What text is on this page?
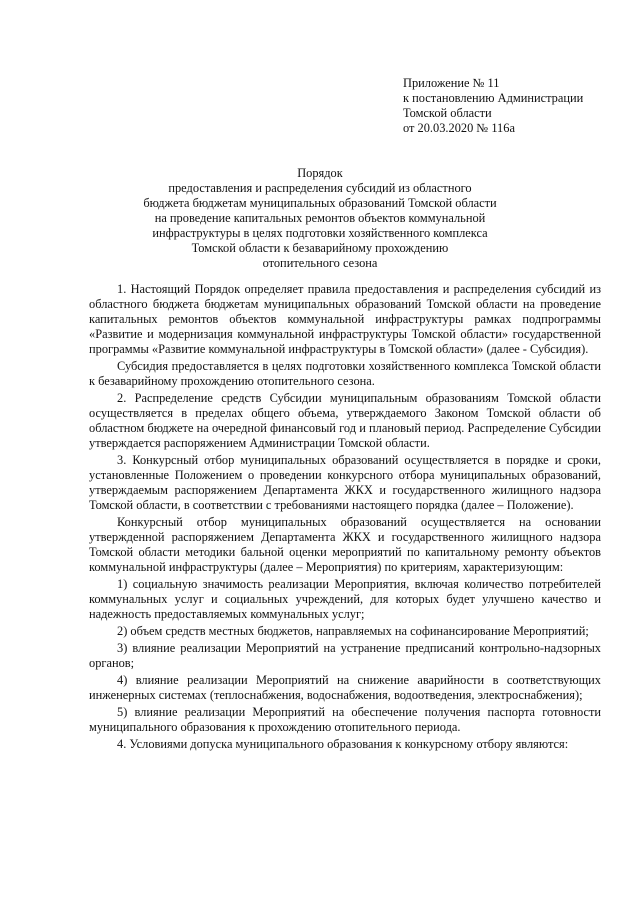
Приложение № 11
к постановлению Администрации
Томской области
от 20.03.2020 № 116а
Порядок
предоставления и распределения субсидий из областного
бюджета бюджетам муниципальных образований Томской области
на проведение капитальных ремонтов объектов коммунальной
инфраструктуры в целях подготовки хозяйственного комплекса
Томской области к безаварийному прохождению
отопительного сезона

1. Настоящий Порядок определяет правила предоставления и распределения субсидий из областного бюджета бюджетам муниципальных образований Томской области на проведение капитальных ремонтов объектов коммунальной инфраструктуры рамках подпрограммы «Развитие и модернизация коммунальной инфраструктуры Томской области» государственной программы «Развитие коммунальной инфраструктуры в Томской области» (далее - Субсидия).

Субсидия предоставляется в целях подготовки хозяйственного комплекса Томской области к безаварийному прохождению отопительного сезона.

2. Распределение средств Субсидии муниципальным образованиям Томской области осуществляется в пределах общего объема, утверждаемого Законом Томской области об областном бюджете на очередной финансовый год и плановый период. Распределение Субсидии утверждается распоряжением Администрации Томской области.

3. Конкурсный отбор муниципальных образований осуществляется в порядке и сроки, установленные Положением о проведении конкурсного отбора муниципальных образований, утверждаемым распоряжением Департамента ЖКХ и государственного жилищного надзора Томской области, в соответствии с требованиями настоящего порядка (далее – Положение).

Конкурсный отбор муниципальных образований осуществляется на основании утвержденной распоряжением Департамента ЖКХ и государственного жилищного надзора Томской области методики бальной оценки мероприятий по капитальному ремонту объектов коммунальной инфраструктуры (далее – Мероприятия) по критериям, характеризующим:

1) социальную значимость реализации Мероприятия, включая количество потребителей коммунальных услуг и социальных учреждений, для которых будет улучшено качество и надежность предоставляемых коммунальных услуг;

2) объем средств местных бюджетов, направляемых на софинансирование Мероприятий;

3) влияние реализации Мероприятий на устранение предписаний контрольно-надзорных органов;

4) влияние реализации Мероприятий на снижение аварийности в соответствующих инженерных системах (теплоснабжения, водоснабжения, водоотведения, электроснабжения);

5) влияние реализации Мероприятий на обеспечение получения паспорта готовности муниципального образования к прохождению отопительного периода.

4. Условиями допуска муниципального образования к конкурсному отбору являются:
